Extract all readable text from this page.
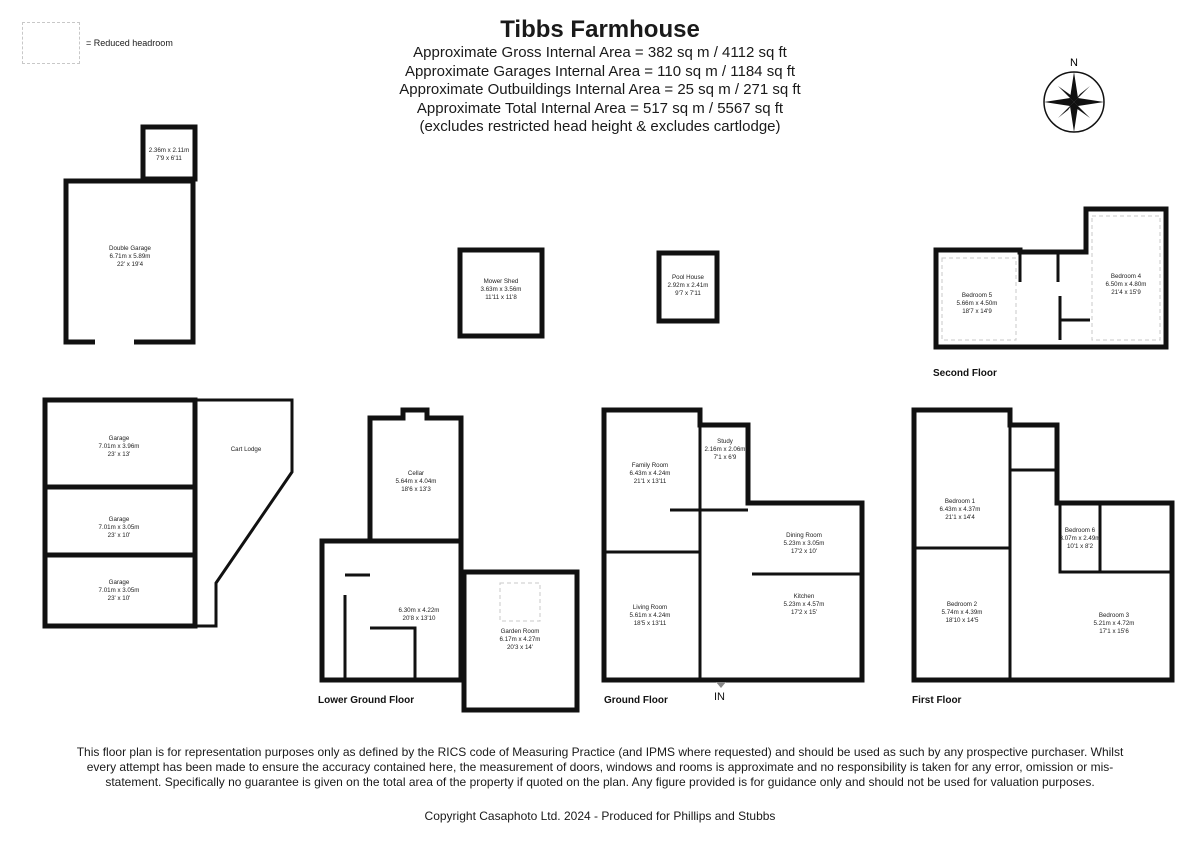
= Reduced headroom	Tibbs Farmhouse
Approximate Gross Internal Area = 382 sq m / 4112 sq ft
Approximate Garages Internal Area = 110 sq m / 1184 sq ft
Approximate Outbuildings Internal Area = 25 sq m / 271 sq ft
Approximate Total Internal Area = 517 sq m / 5567 sq ft
(excludes restricted head height & excludes cartlodge)
N
2.36m x 2.11m
7'9 x 6'11
Double Garage
6.71m x 5.89m
22' x 19'4
Mower Shed
3.63m x 3.56m
11'11 x 11'8
Pool House
2.92m x 2.41m
9'7 x 7'11	Bedroom 5
5.66m x 4.50m
18'7 x 14'9
Bedroom 4
6.50m x 4.80m
21'4 x 15'9
Garage
7.01m x 3.96m
23' x 13'
Garage
7.01m x 3.05m
23' x 10'
Garage
7.01m x 3.05m
23' x 10'
Cart Lodge
Cellar
5.64m x 4.04m
18'6 x 13'3
6.30m x 4.22m
20'8 x 13'10
Garden Room
6.17m x 4.27m
20'3 x 14'
Family Room
6.43m x 4.24m
21'1 x 13'11
Study
2.16m x 2.06m
7'1 x 6'9
Dining Room
5.23m x 3.05m
17'2 x 10'
Kitchen
5.23m x 4.57m
17'2 x 15'
Living Room
5.61m x 4.24m
18'5 x 13'11
Bedroom 1
6.43m x 4.37m
21'1 x 14'4
Bedroom 6
3.07m x 2.49m
10'1 x 8'2
Bedroom 2
5.74m x 4.39m
18'10 x 14'5
Bedroom 3
5.21m x 4.72m
17'1 x 15'6
Second Floor
Lower Ground Floor	Ground Floor	First Floor
IN
This floor plan is for representation purposes only as defined by the RICS code of Measuring Practice (and IPMS where requested) and should be used as such by any prospective purchaser. Whilst every attempt has been made to ensure the accuracy contained here, the measurement of doors, windows and rooms is approximate and no responsibility is taken for any error, omission or mis-statement. Specifically no guarantee is given on the total area of the property if quoted on the plan. Any figure provided is for guidance only and should not be used for valuation purposes.
Copyright Casaphoto Ltd. 2024 - Produced for Phillips and Stubbs
